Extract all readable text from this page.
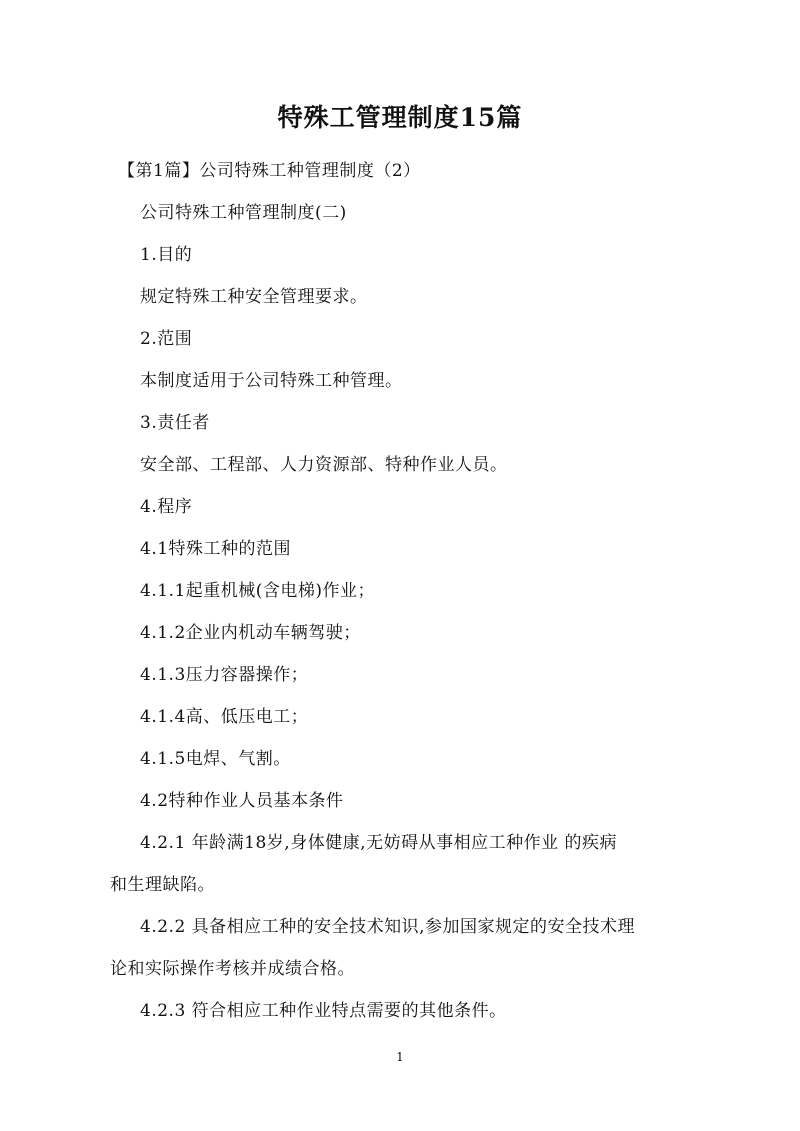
特殊工管理制度15篇

【第1篇】公司特殊工种管理制度（2）

公司特殊工种管理制度(二)

1.目的

规定特殊工种安全管理要求。

2.范围

本制度适用于公司特殊工种管理。

3.责任者

安全部、工程部、人力资源部、特种作业人员。

4.程序

4.1特殊工种的范围

4.1.1起重机械(含电梯)作业；

4.1.2企业内机动车辆驾驶；

4.1.3压力容器操作；

4.1.4高、低压电工；

4.1.5电焊、气割。

4.2特种作业人员基本条件

4.2.1 年龄满18岁,身体健康,无妨碍从事相应工种作业 的疾病

和生理缺陷。

4.2.2 具备相应工种的安全技术知识,参加国家规定的安全技术理

论和实际操作考核并成绩合格。

4.2.3 符合相应工种作业特点需要的其他条件。

1
